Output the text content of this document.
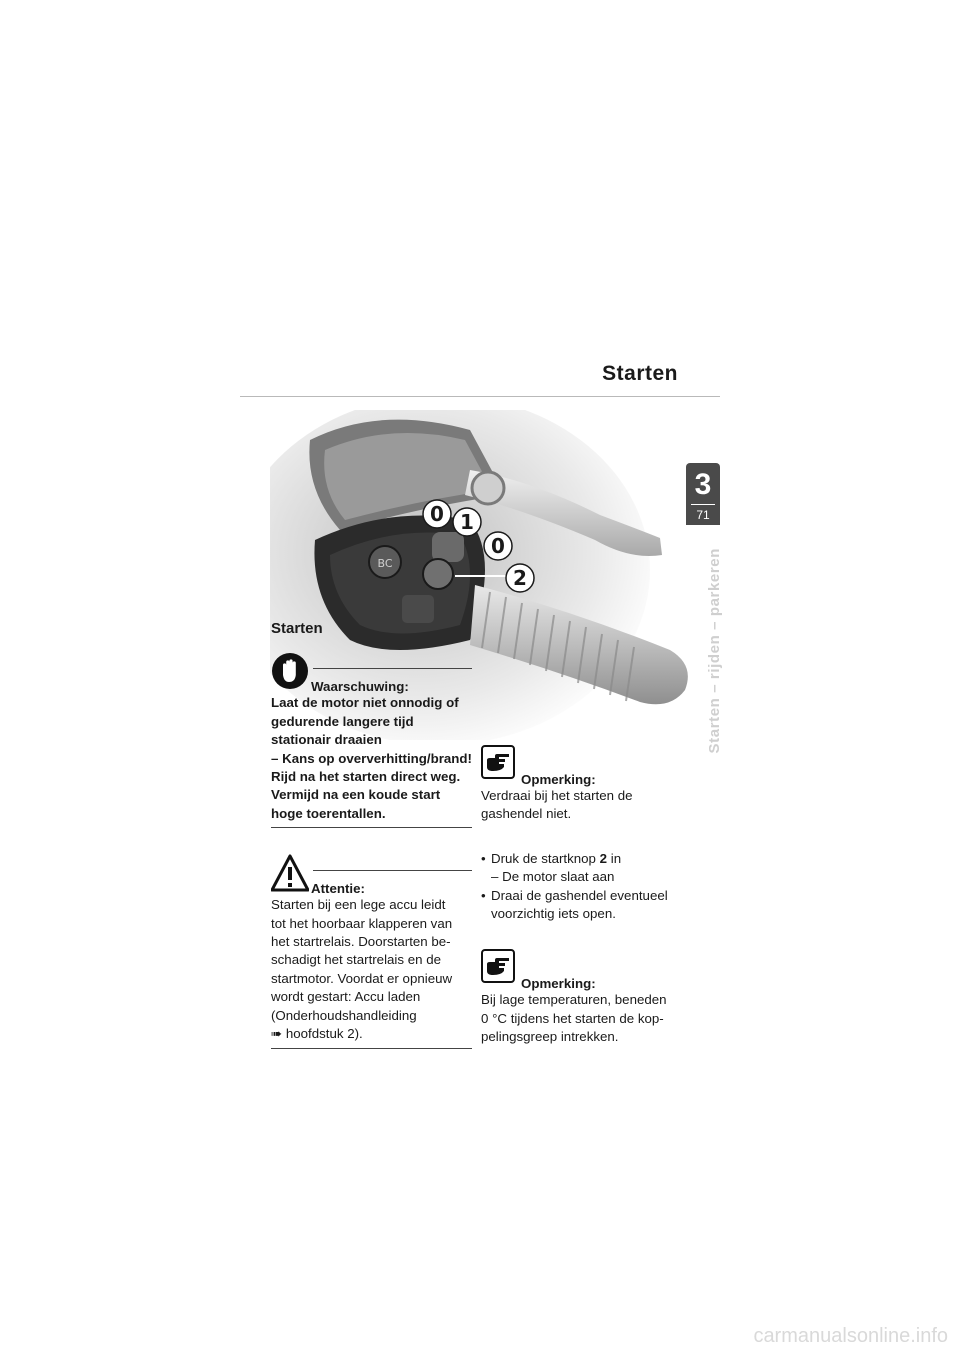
Starten
3
71
Starten – rijden – parkeren
BC
0 1
0
2
Starten
Waarschuwing:
Laat de motor niet onnodig of
gedurende langere tijd
stationair draaien
– Kans op oververhitting/brand!
Rijd na het starten direct weg.
Vermijd na een koude start
hoge toerentallen.
Attentie:
Starten bij een lege accu leidt
tot het hoorbaar klapperen van
het startrelais. Doorstarten be-
schadigt het startrelais en de
startmotor. Voordat er opnieuw
wordt gestart: Accu laden
(Onderhoudshandleiding
➠ hoofdstuk 2).
Opmerking:
Verdraai bij het starten de
gashendel niet.
• Druk de startknop 2 in
– De motor slaat aan
• Draai de gashendel eventueel
voorzichtig iets open.
Opmerking:
Bij lage temperaturen, beneden
0 °C tijdens het starten de kop-
pelingsgreep intrekken.
carmanualsonline.info
